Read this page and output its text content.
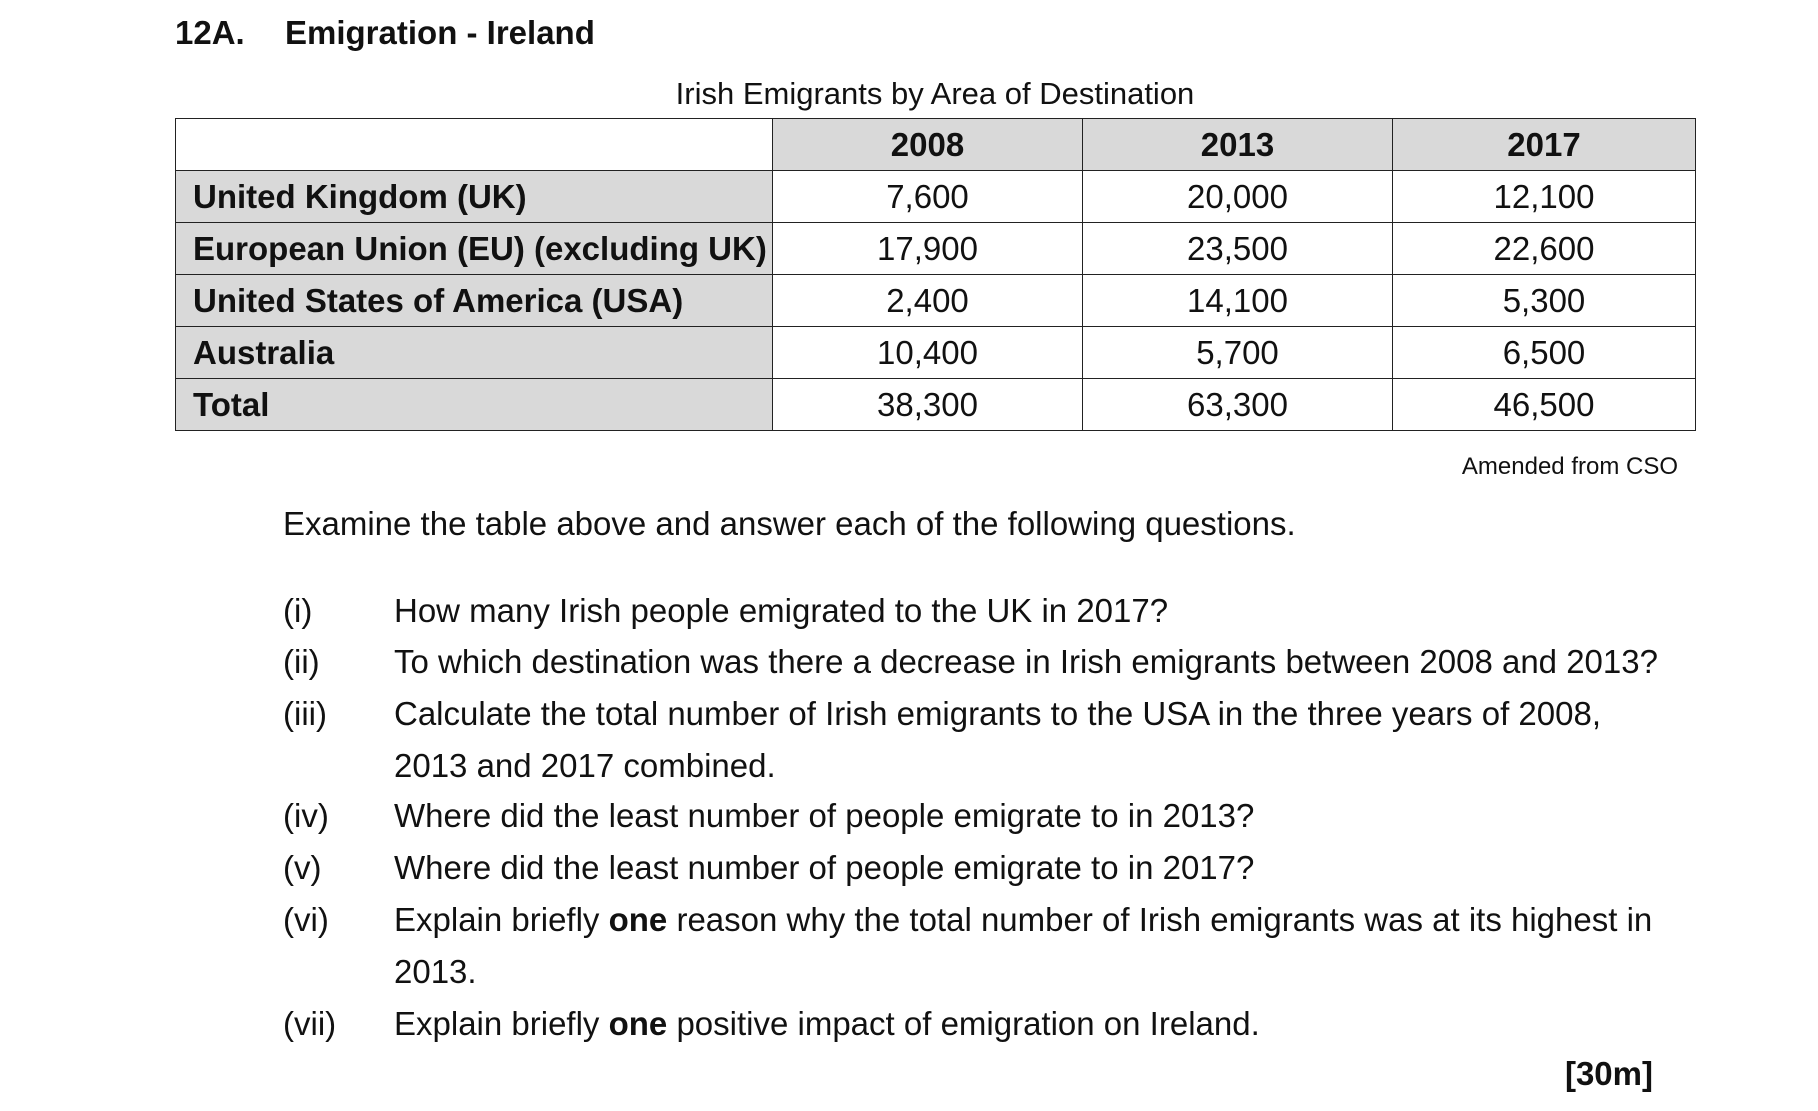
12A. Emigration - Ireland
Irish Emigrants by Area of Destination
	2008	2013	2017
United Kingdom (UK)	7,600	20,000	12,100
European Union (EU) (excluding UK)	17,900	23,500	22,600
United States of America (USA)	2,400	14,100	5,300
Australia	10,400	5,700	6,500
Total	38,300	63,300	46,500
Amended from CSO
Examine the table above and answer each of the following questions.
(i) How many Irish people emigrated to the UK in 2017?
(ii) To which destination was there a decrease in Irish emigrants between 2008 and 2013?
(iii) Calculate the total number of Irish emigrants to the USA in the three years of 2008, 2013 and 2017 combined.
(iv) Where did the least number of people emigrate to in 2013?
(v) Where did the least number of people emigrate to in 2017?
(vi) Explain briefly one reason why the total number of Irish emigrants was at its highest in 2013.
(vii) Explain briefly one positive impact of emigration on Ireland.
[30m]
